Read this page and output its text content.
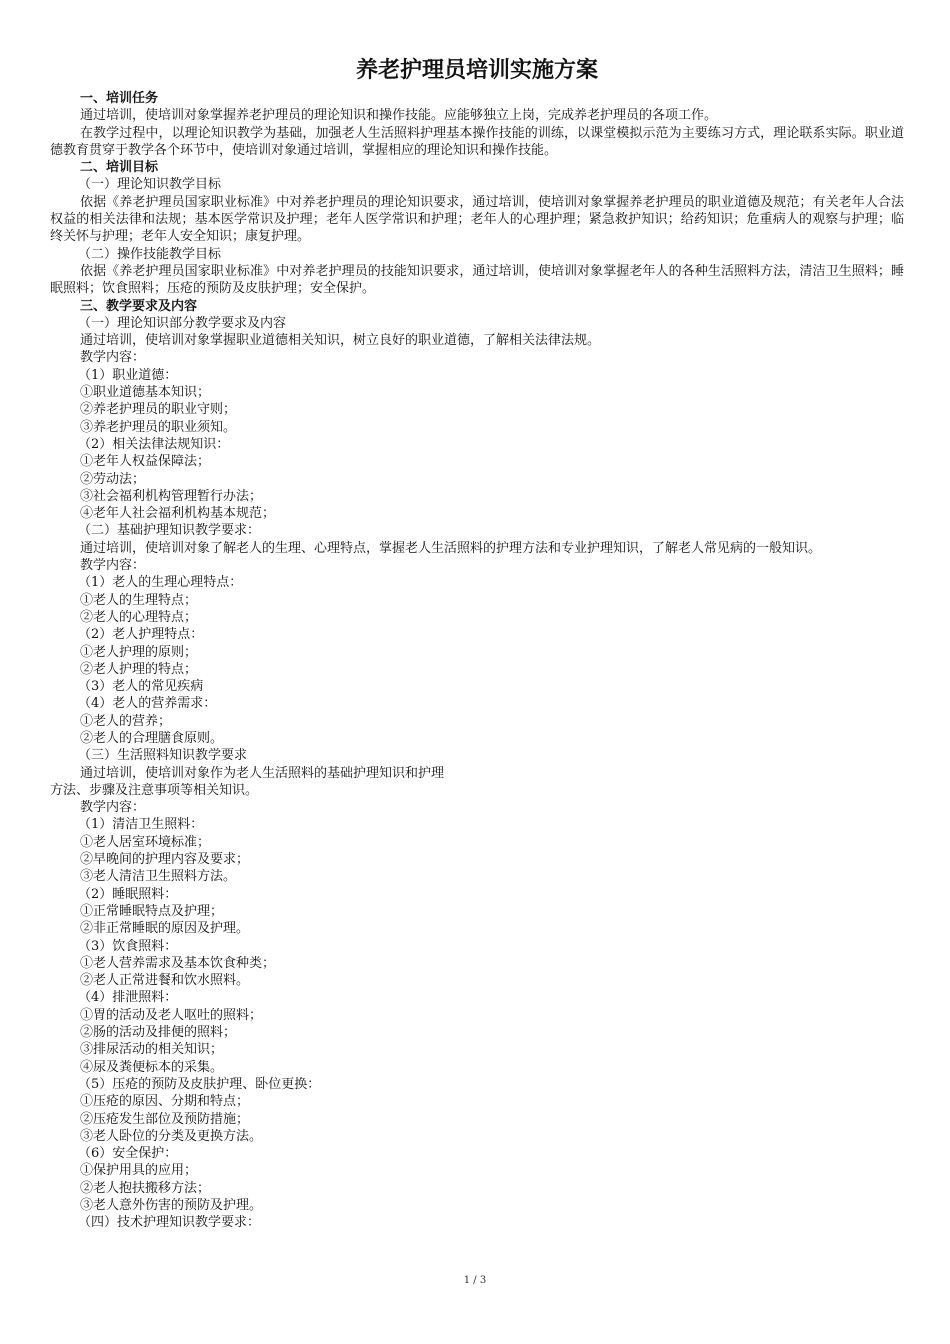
养老护理员培训实施方案
一、培训任务
通过培训，使培训对象掌握养老护理员的理论知识和操作技能。应能够独立上岗，完成养老护理员的各项工作。
在教学过程中，以理论知识教学为基础，加强老人生活照料护理基本操作技能的训练，以课堂模拟示范为主要练习方式，理论联系实际。职业道德教育贯穿于教学各个环节中，使培训对象通过培训，掌握相应的理论知识和操作技能。
二、培训目标
（一）理论知识教学目标
依据《养老护理员国家职业标准》中对养老护理员的理论知识要求，通过培训，使培训对象掌握养老护理员的职业道德及规范；有关老年人合法权益的相关法律和法规；基本医学常识及护理；老年人医学常识和护理；老年人的心理护理；紧急救护知识；给药知识；危重病人的观察与护理；临终关怀与护理；老年人安全知识；康复护理。
（二）操作技能教学目标
依据《养老护理员国家职业标准》中对养老护理员的技能知识要求，通过培训，使培训对象掌握老年人的各种生活照料方法，清洁卫生照料；睡眠照料；饮食照料；压疮的预防及皮肤护理；安全保护。
三、教学要求及内容
（一）理论知识部分教学要求及内容
通过培训，使培训对象掌握职业道德相关知识，树立良好的职业道德，了解相关法律法规。
教学内容：
（1）职业道德：
①职业道德基本知识；
②养老护理员的职业守则；
③养老护理员的职业须知。
（2）相关法律法规知识：
①老年人权益保障法；
②劳动法；
③社会福利机构管理暂行办法；
④老年人社会福利机构基本规范；
（二）基础护理知识教学要求：
通过培训，使培训对象了解老人的生理、心理特点，掌握老人生活照料的护理方法和专业护理知识，了解老人常见病的一般知识。
教学内容：
（1）老人的生理心理特点：
①老人的生理特点；
②老人的心理特点；
（2）老人护理特点：
①老人护理的原则；
②老人护理的特点；
（3）老人的常见疾病
（4）老人的营养需求：
①老人的营养；
②老人的合理膳食原则。
（三）生活照料知识教学要求
通过培训，使培训对象作为老人生活照料的基础护理知识和护理
方法、步骤及注意事项等相关知识。
教学内容：
（1）清洁卫生照料：
①老人居室环境标准；
②早晚间的护理内容及要求；
③老人清洁卫生照料方法。
（2）睡眠照料：
①正常睡眠特点及护理；
②非正常睡眠的原因及护理。
（3）饮食照料：
①老人营养需求及基本饮食种类；
②老人正常进餐和饮水照料。
（4）排泄照料：
①胃的活动及老人呕吐的照料；
②肠的活动及排便的照料；
③排尿活动的相关知识；
④尿及粪便标本的采集。
（5）压疮的预防及皮肤护理、卧位更换：
①压疮的原因、分期和特点；
②压疮发生部位及预防措施；
③老人卧位的分类及更换方法。
（6）安全保护：
①保护用具的应用；
②老人抱扶搬移方法；
③老人意外伤害的预防及护理。
（四）技术护理知识教学要求：
1 / 3
